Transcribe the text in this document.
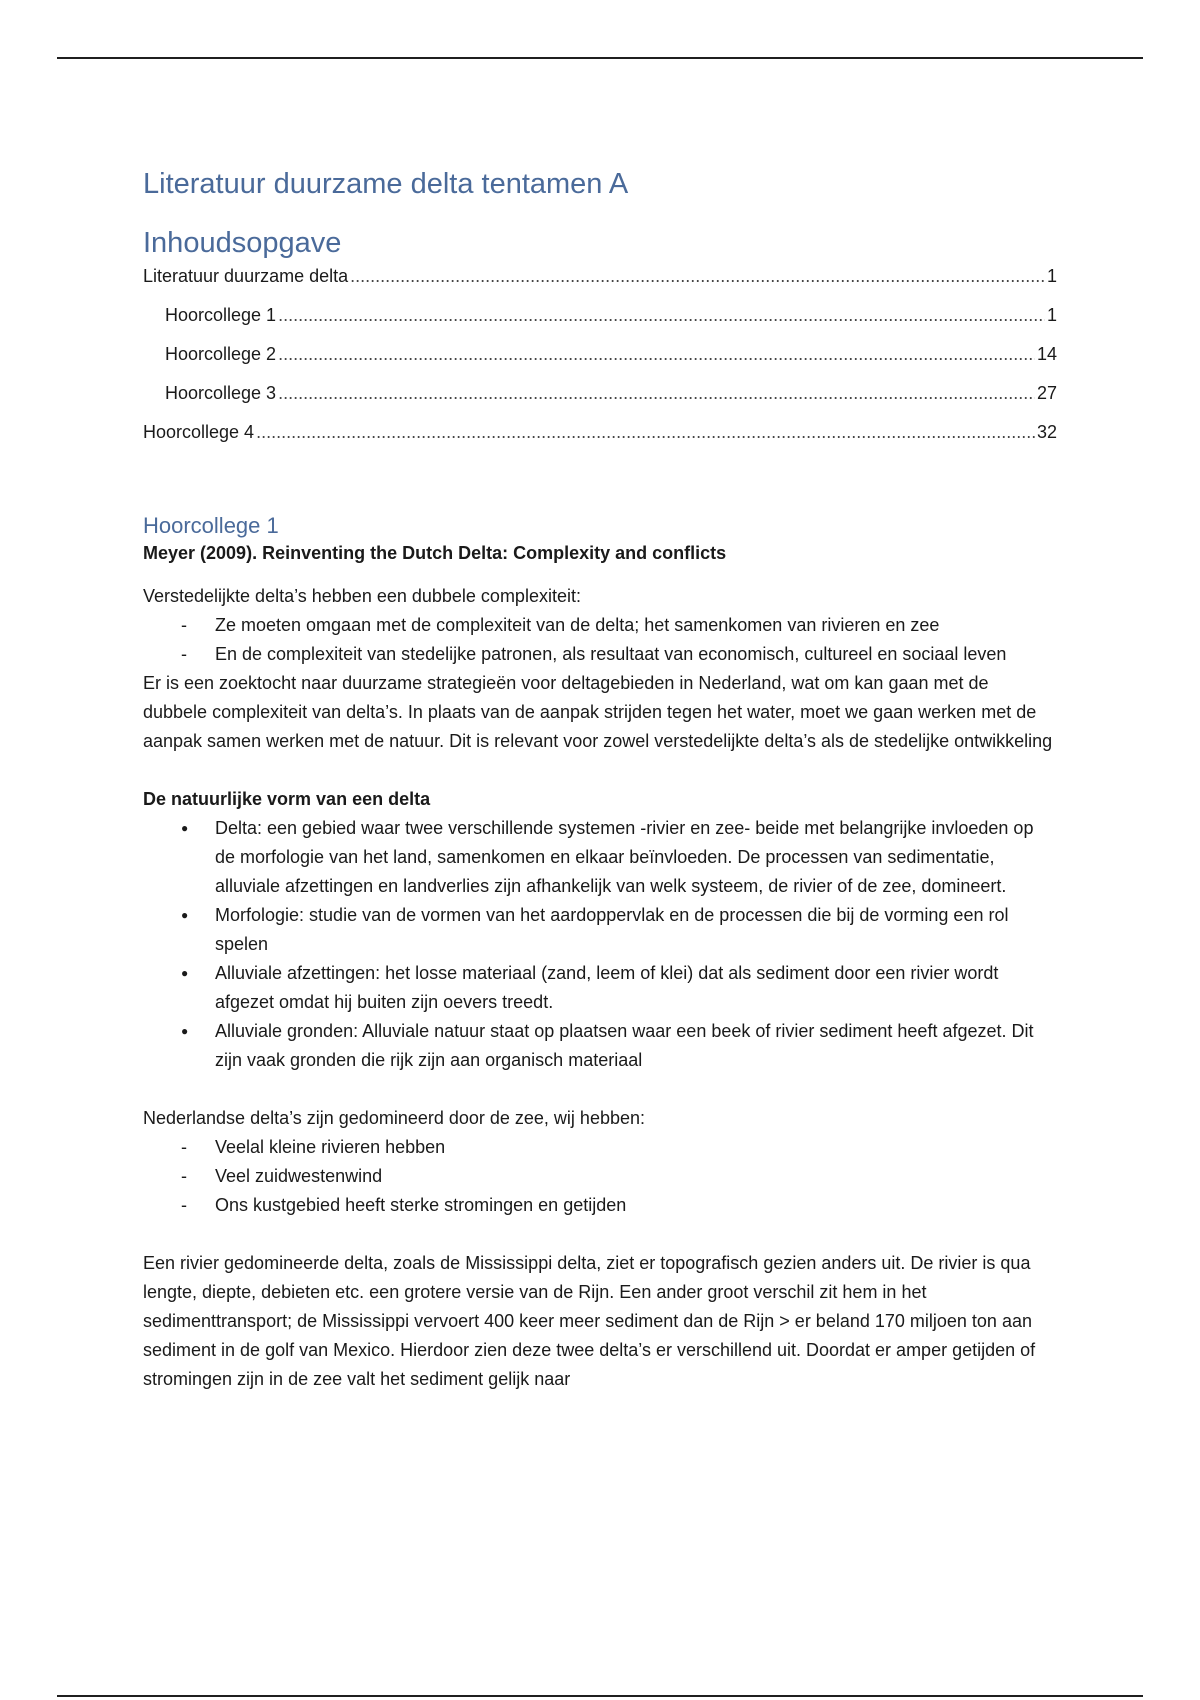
Literatuur duurzame delta tentamen A
Inhoudsopgave
Literatuur duurzame delta .....	1
Hoorcollege 1 .....	1
Hoorcollege 2 .....	14
Hoorcollege 3 .....	27
Hoorcollege 4 .....	32
Hoorcollege 1

Meyer (2009). Reinventing the Dutch Delta: Complexity and conflicts

Verstedelijkte delta’s hebben een dubbele complexiteit:

- Ze moeten omgaan met de complexiteit van de delta; het samenkomen van rivieren en zee
- En de complexiteit van stedelijke patronen, als resultaat van economisch, cultureel en sociaal leven

Er is een zoektocht naar duurzame strategieën voor deltagebieden in Nederland, wat om kan gaan met de dubbele complexiteit van delta’s. In plaats van de aanpak strijden tegen het water, moet we gaan werken met de aanpak samen werken met de natuur. Dit is relevant voor zowel verstedelijkte delta’s als de stedelijke ontwikkeling

De natuurlijke vorm van een delta

● Delta: een gebied waar twee verschillende systemen -rivier en zee- beide met belangrijke invloeden op de morfologie van het land, samenkomen en elkaar beïnvloeden. De processen van sedimentatie, alluviale afzettingen en landverlies zijn afhankelijk van welk systeem, de rivier of de zee, domineert.
● Morfologie: studie van de vormen van het aardoppervlak en de processen die bij de vorming een rol spelen
● Alluviale afzettingen: het losse materiaal (zand, leem of klei) dat als sediment door een rivier wordt afgezet omdat hij buiten zijn oevers treedt.
● Alluviale gronden: Alluviale natuur staat op plaatsen waar een beek of rivier sediment heeft afgezet. Dit zijn vaak gronden die rijk zijn aan organisch materiaal

Nederlandse delta’s zijn gedomineerd door de zee, wij hebben:

- Veelal kleine rivieren hebben
- Veel zuidwestenwind
- Ons kustgebied heeft sterke stromingen en getijden

Een rivier gedomineerde delta, zoals de Mississippi delta, ziet er topografisch gezien anders uit. De rivier is qua lengte, diepte, debieten etc. een grotere versie van de Rijn. Een ander groot verschil zit hem in het sedimenttransport; de Mississippi vervoert 400 keer meer sediment dan de Rijn > er beland 170 miljoen ton aan sediment in de golf van Mexico. Hierdoor zien deze twee delta’s er verschillend uit. Doordat er amper getijden of stromingen zijn in de zee valt het sediment gelijk naar
